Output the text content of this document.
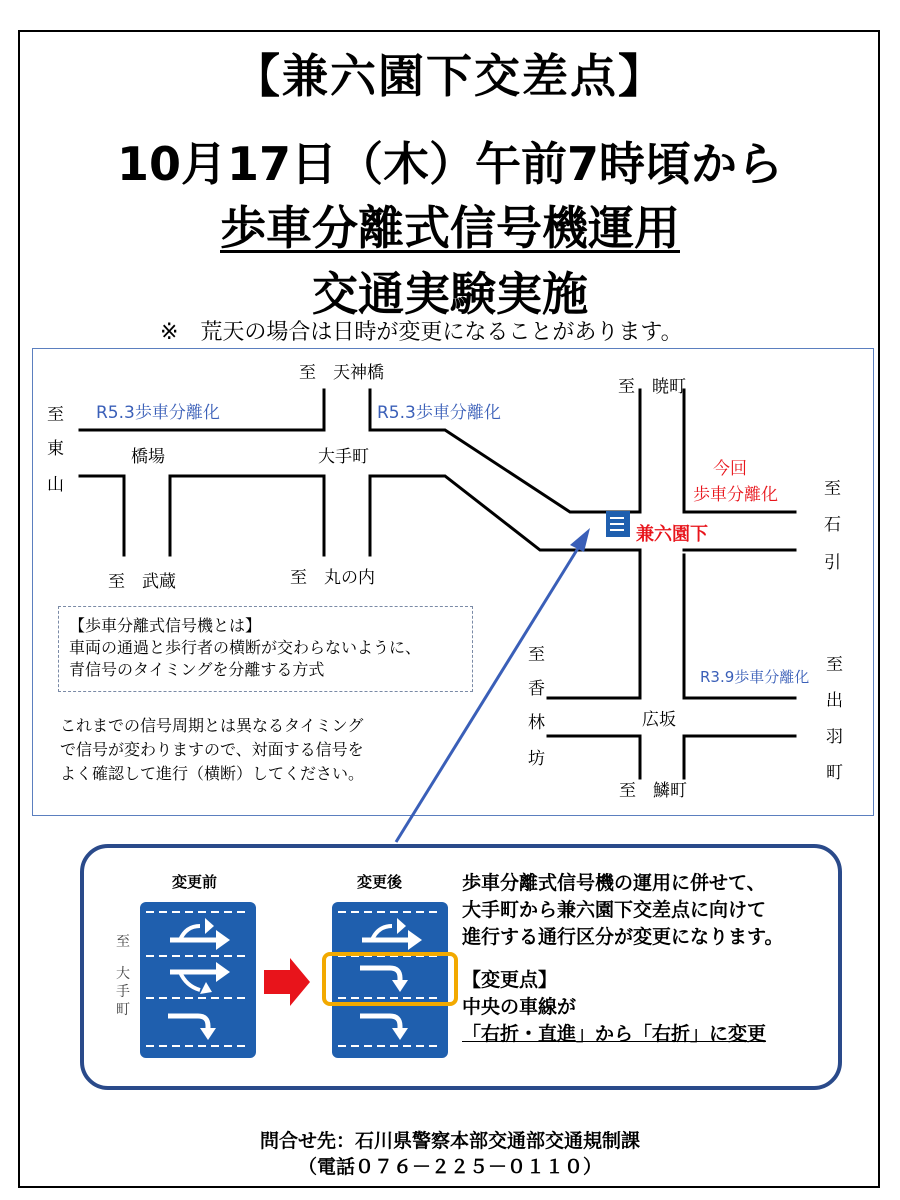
【兼六園下交差点】
10月17日（木）午前7時頃から
歩車分離式信号機運用
交通実験実施
※　荒天の場合は日時が変更になることがあります。
至
東
山
R5.3歩車分離化
至　天神橋
R5.3歩車分離化
至　暁町
橋場	大手町
今回
歩車分離化	至
石
引
兼六園下
至　武蔵	至　丸の内
至
香
林
坊
R3.9歩車分離化
至
出
羽
町
広坂
至　鱗町
【歩車分離式信号機とは】
車両の通過と歩行者の横断が交わらないように、
青信号のタイミングを分離する方式
これまでの信号周期とは異なるタイミング
で信号が変わりますので、対面する信号を
よく確認して進行（横断）してください。
変更前	変更後
至
大
手
町
歩車分離式信号機の運用に併せて、
大手町から兼六園下交差点に向けて
進行する通行区分が変更になります。
【変更点】
中央の車線が
「右折・直進」から「右折」に変更
問合せ先：石川県警察本部交通部交通規制課
（電話０７６－２２５－０１１０）
